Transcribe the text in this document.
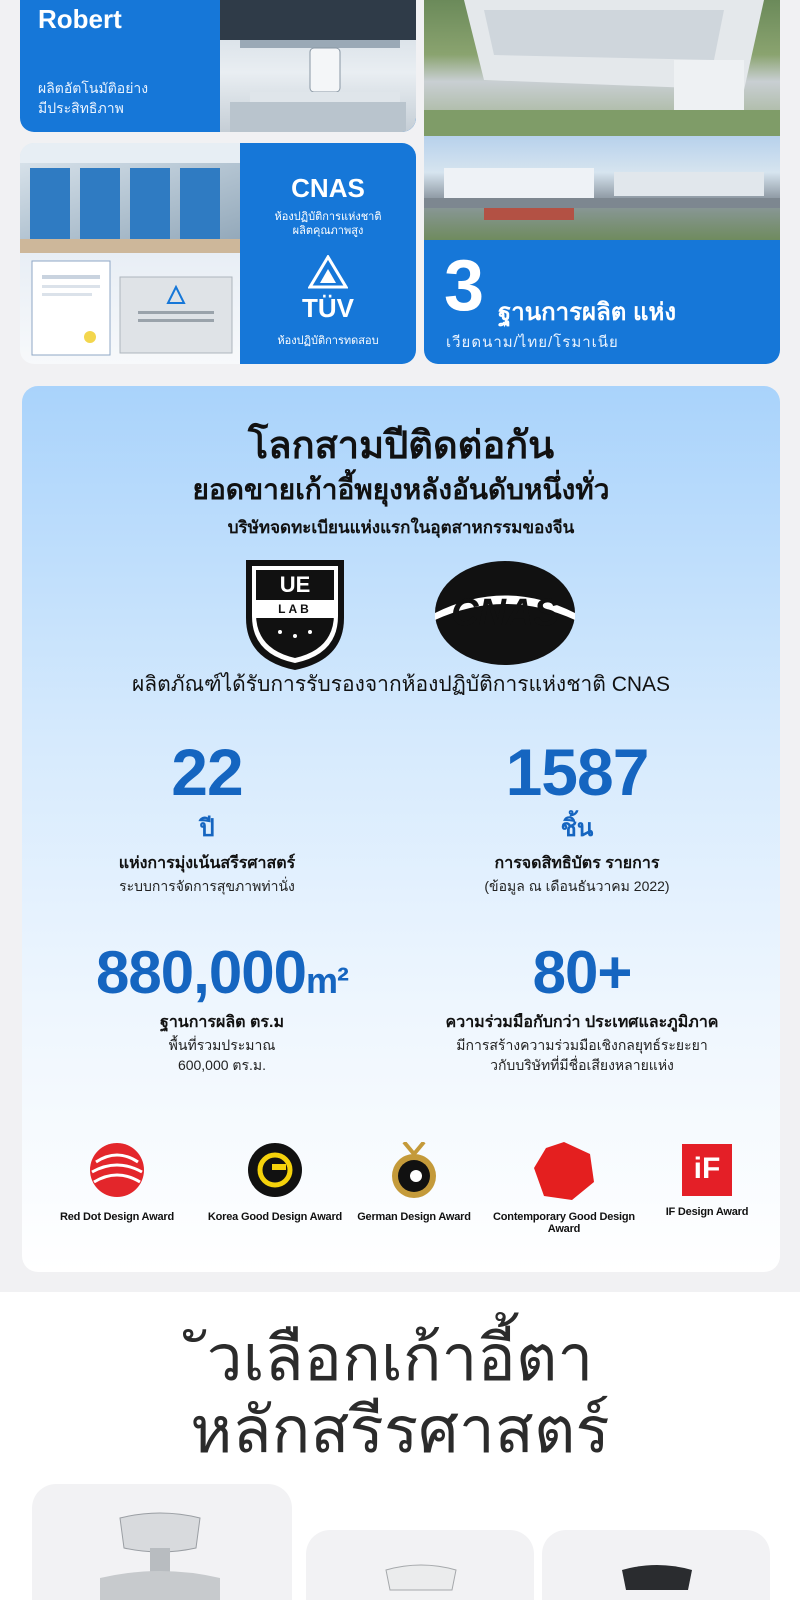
Robert
ผลิตอัตโนมัติอย่าง
มีประสิทธิภาพ
CNAS
ห้องปฏิบัติการแห่งชาติ
ผลิตคุณภาพสูง
TÜV
ห้องปฏิบัติการทดสอบ
3 ฐานการผลิต แห่ง
เวียดนาม/ไทย/โรมาเนีย
โลกสามปีติดต่อกัน
ยอดขายเก้าอี้พยุงหลังอันดับหนึ่งทั่ว
บริษัทจดทะเบียนแห่งแรกในอุตสาหกรรมของจีน
UE
LAB	CNAS
ผลิตภัณฑ์ได้รับการรับรองจากห้องปฏิบัติการแห่งชาติ CNAS
22
ปี
แห่งการมุ่งเน้นสรีรศาสตร์
ระบบการจัดการสุขภาพท่านั่ง
1587
ชิ้น
การจดสิทธิบัตร รายการ
(ข้อมูล ณ เดือนธันวาคม 2022)
880,000m²
ฐานการผลิต ตร.ม
พื้นที่รวมประมาณ
600,000 ตร.ม.
80+
ความร่วมมือกับกว่า ประเทศและภูมิภาค
มีการสร้างความร่วมมือเชิงกลยุทธ์ระยะยา
วกับบริษัทที่มีชื่อเสียงหลายแห่ง
Red Dot Design Award	Korea Good Design Award	German Design Award	Contemporary Good Design Award
iF
IF Design Award
ัวเลือกเก้าอี้ตา
หลักสรีรศาสตร์
